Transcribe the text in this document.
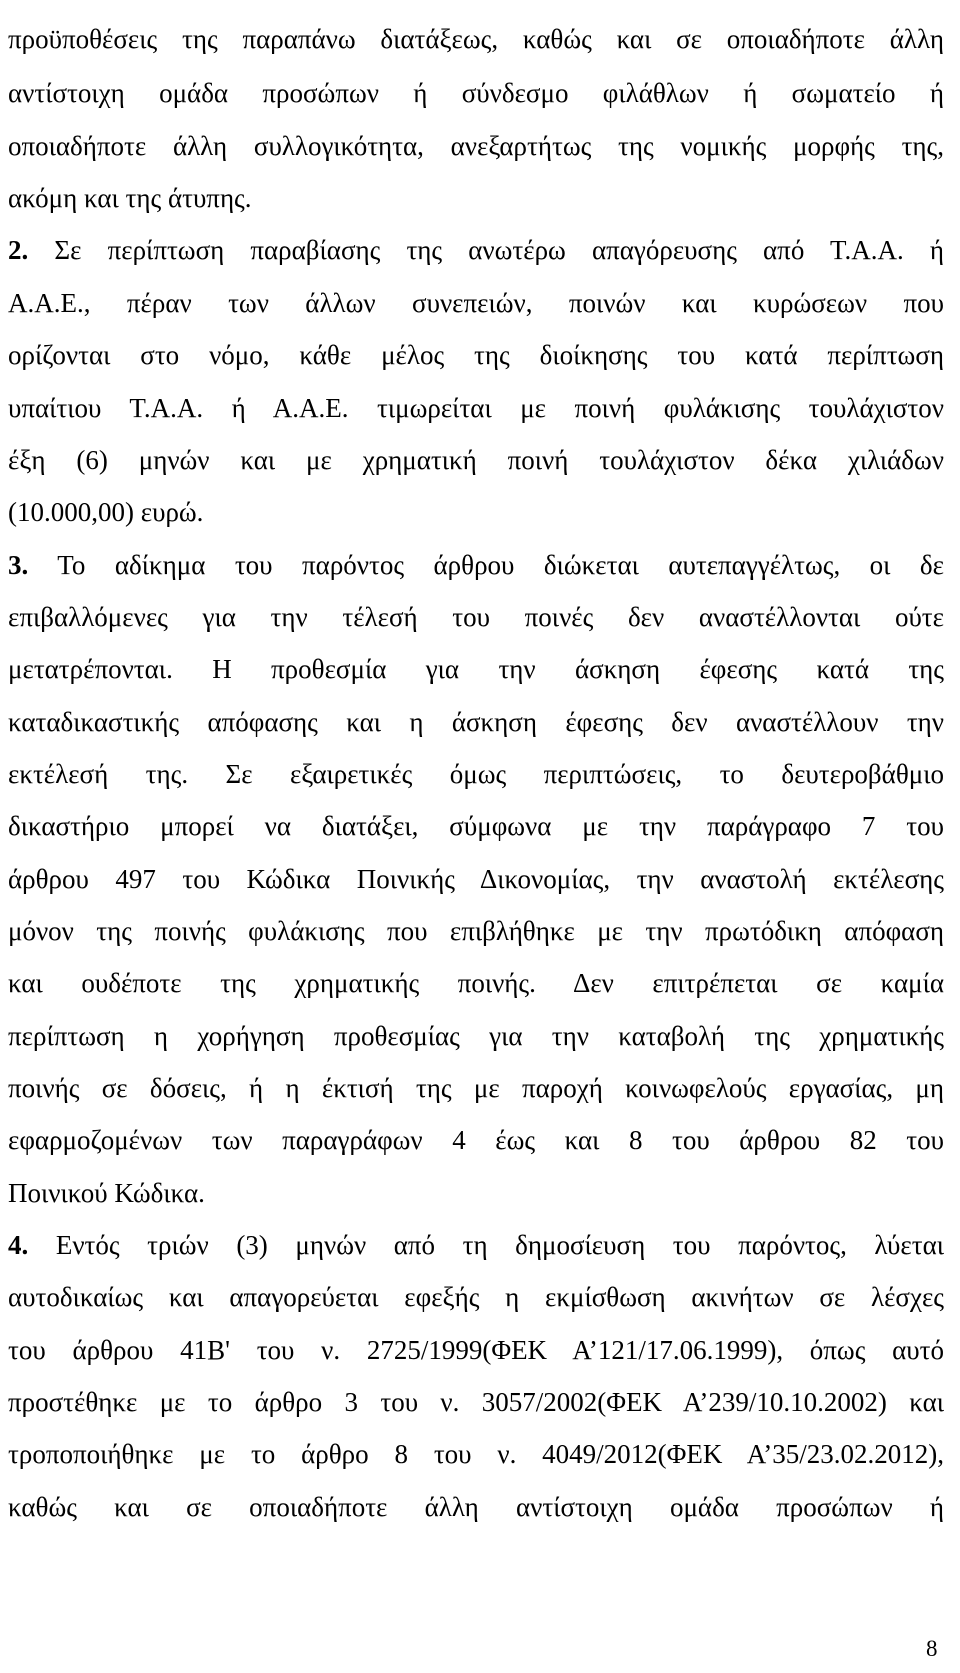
προϋποθέσεις της παραπάνω διατάξεως, καθώς και σε οποιαδήποτε άλλη
αντίστοιχη ομάδα προσώπων ή σύνδεσμο φιλάθλων ή σωματείο ή
οποιαδήποτε άλλη συλλογικότητα, ανεξαρτήτως της νομικής μορφής της,
ακόμη και της άτυπης.
2. Σε περίπτωση παραβίασης της ανωτέρω απαγόρευσης από Τ.Α.Α. ή
Α.Α.Ε., πέραν των άλλων συνεπειών, ποινών και κυρώσεων που
ορίζονται στο νόμο, κάθε μέλος της διοίκησης του κατά περίπτωση
υπαίτιου Τ.Α.Α. ή Α.Α.Ε. τιμωρείται με ποινή φυλάκισης τουλάχιστον
έξη (6) μηνών και με χρηματική ποινή τουλάχιστον δέκα χιλιάδων
(10.000,00) ευρώ.
3. Το αδίκημα του παρόντος άρθρου διώκεται αυτεπαγγέλτως, οι δε
επιβαλλόμενες για την τέλεσή του ποινές δεν αναστέλλονται ούτε
μετατρέπονται. Η προθεσμία για την άσκηση έφεσης κατά της
καταδικαστικής απόφασης και η άσκηση έφεσης δεν αναστέλλουν την
εκτέλεσή της. Σε εξαιρετικές όμως περιπτώσεις, το δευτεροβάθμιο
δικαστήριο μπορεί να διατάξει, σύμφωνα με την παράγραφο 7 του
άρθρου 497 του Κώδικα Ποινικής Δικονομίας, την αναστολή εκτέλεσης
μόνον της ποινής φυλάκισης που επιβλήθηκε με την πρωτόδικη απόφαση
και ουδέποτε της χρηματικής ποινής. Δεν επιτρέπεται σε καμία
περίπτωση η χορήγηση προθεσμίας για την καταβολή της χρηματικής
ποινής σε δόσεις, ή η έκτισή της με παροχή κοινωφελούς εργασίας, μη
εφαρμοζομένων των παραγράφων 4 έως και 8 του άρθρου 82 του
Ποινικού Κώδικα.
4. Εντός τριών (3) μηνών από τη δημοσίευση του παρόντος, λύεται
αυτοδικαίως και απαγορεύεται εφεξής η εκμίσθωση ακινήτων σε λέσχες
του άρθρου 41Β' του ν. 2725/1999(ΦΕΚ Α’121/17.06.1999), όπως αυτό
προστέθηκε με το άρθρο 3 του ν. 3057/2002(ΦΕΚ Α’239/10.10.2002) και
τροποποιήθηκε με το άρθρο 8 του ν. 4049/2012(ΦΕΚ Α’35/23.02.2012),
καθώς και σε οποιαδήποτε άλλη αντίστοιχη ομάδα προσώπων ή
8
